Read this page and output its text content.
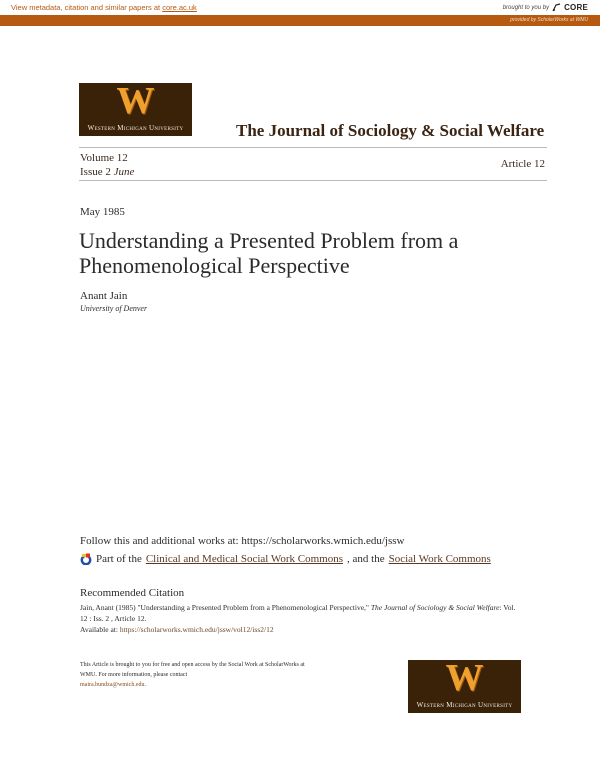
View metadata, citation and similar papers at core.ac.uk	brought to you by CORE
provided by ScholarWorks at WMU
W
Western Michigan University	The Journal of Sociology & Social Welfare
Volume 12
Issue 2 June
Article 12
May 1985
Understanding a Presented Problem from a Phenomenological Perspective
Anant Jain
University of Denver
Follow this and additional works at: https://scholarworks.wmich.edu/jssw
Part of the Clinical and Medical Social Work Commons , and the Social Work Commons
Recommended Citation
Jain, Anant (1985) "Understanding a Presented Problem from a Phenomenological Perspective," The Journal of Sociology & Social Welfare: Vol. 12 : Iss. 2 , Article 12.
Available at: https://scholarworks.wmich.edu/jssw/vol12/iss2/12
This Article is brought to you for free and open access by the Social Work at ScholarWorks at WMU. For more information, please contact
maira.bundza@wmich.edu.	W
Western Michigan University
